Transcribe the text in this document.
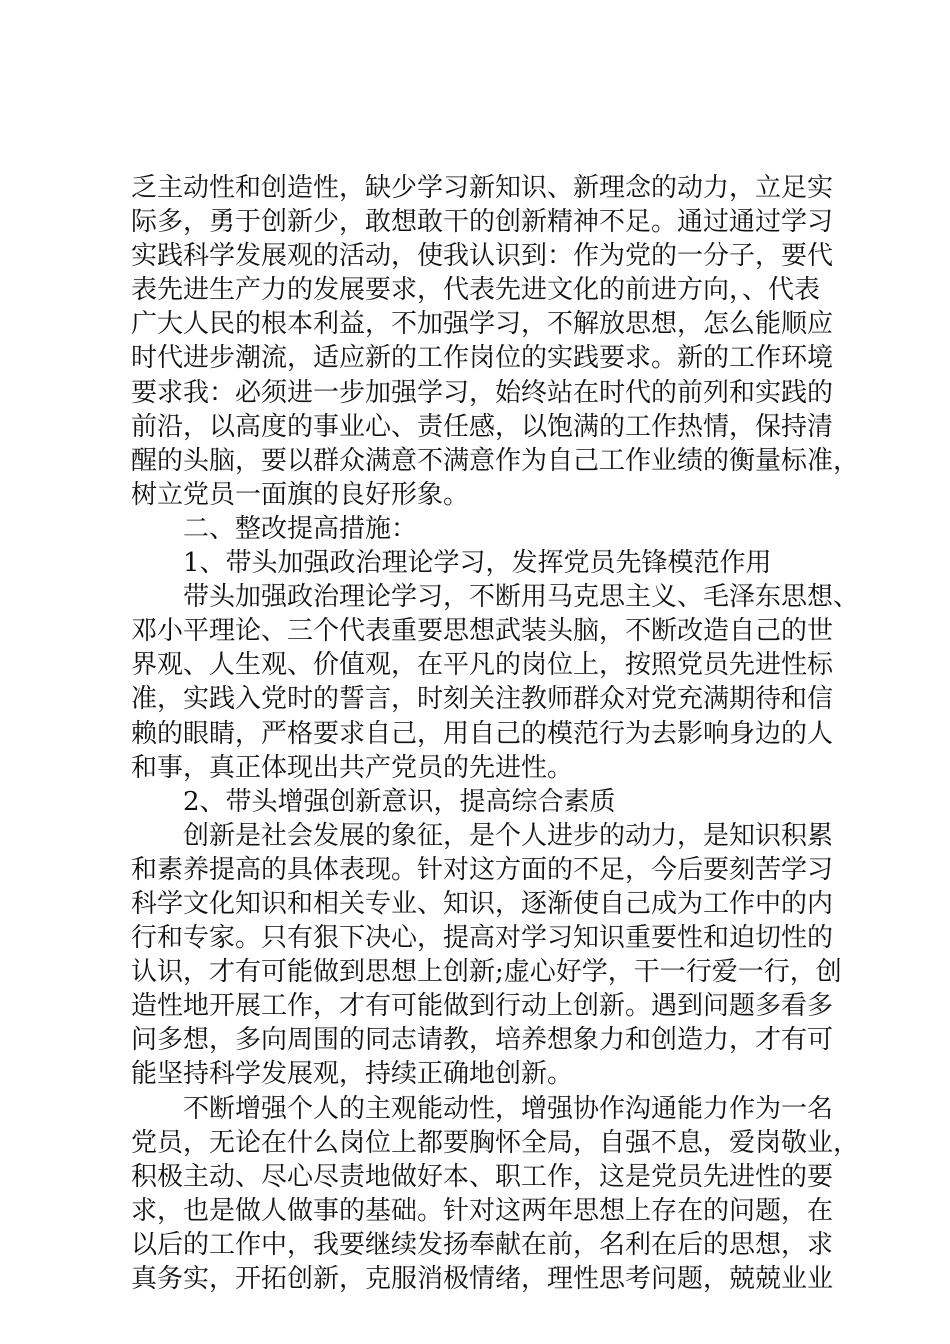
乏主动性和创造性，缺少学习新知识、新理念的动力，立足实
际多，勇于创新少，敢想敢干的创新精神不足。通过通过学习
实践科学发展观的活动，使我认识到：作为党的一分子，要代
表先进生产力的发展要求，代表先进文化的前进方向，、代表
广大人民的根本利益，不加强学习，不解放思想，怎么能顺应
时代进步潮流，适应新的工作岗位的实践要求。新的工作环境
要求我：必须进一步加强学习，始终站在时代的前列和实践的
前沿，以高度的事业心、责任感，以饱满的工作热情，保持清
醒的头脑，要以群众满意不满意作为自己工作业绩的衡量标准，
树立党员一面旗的良好形象。
二、整改提高措施：
1、带头加强政治理论学习，发挥党员先锋模范作用
带头加强政治理论学习，不断用马克思主义、毛泽东思想、
邓小平理论、三个代表重要思想武装头脑，不断改造自己的世
界观、人生观、价值观，在平凡的岗位上，按照党员先进性标
准，实践入党时的誓言，时刻关注教师群众对党充满期待和信
赖的眼睛，严格要求自己，用自己的模范行为去影响身边的人
和事，真正体现出共产党员的先进性。
2、带头增强创新意识，提高综合素质
创新是社会发展的象征，是个人进步的动力，是知识积累
和素养提高的具体表现。针对这方面的不足，今后要刻苦学习
科学文化知识和相关专业、知识，逐渐使自己成为工作中的内
行和专家。只有狠下决心，提高对学习知识重要性和迫切性的
认识，才有可能做到思想上创新;虚心好学，干一行爱一行，创
造性地开展工作，才有可能做到行动上创新。遇到问题多看多
问多想，多向周围的同志请教，培养想象力和创造力，才有可
能坚持科学发展观，持续正确地创新。
不断增强个人的主观能动性，增强协作沟通能力作为一名
党员，无论在什么岗位上都要胸怀全局，自强不息，爱岗敬业，
积极主动、尽心尽责地做好本、职工作，这是党员先进性的要
求，也是做人做事的基础。针对这两年思想上存在的问题，在
以后的工作中，我要继续发扬奉献在前，名利在后的思想，求
真务实，开拓创新，克服消极情绪，理性思考问题，兢兢业业
